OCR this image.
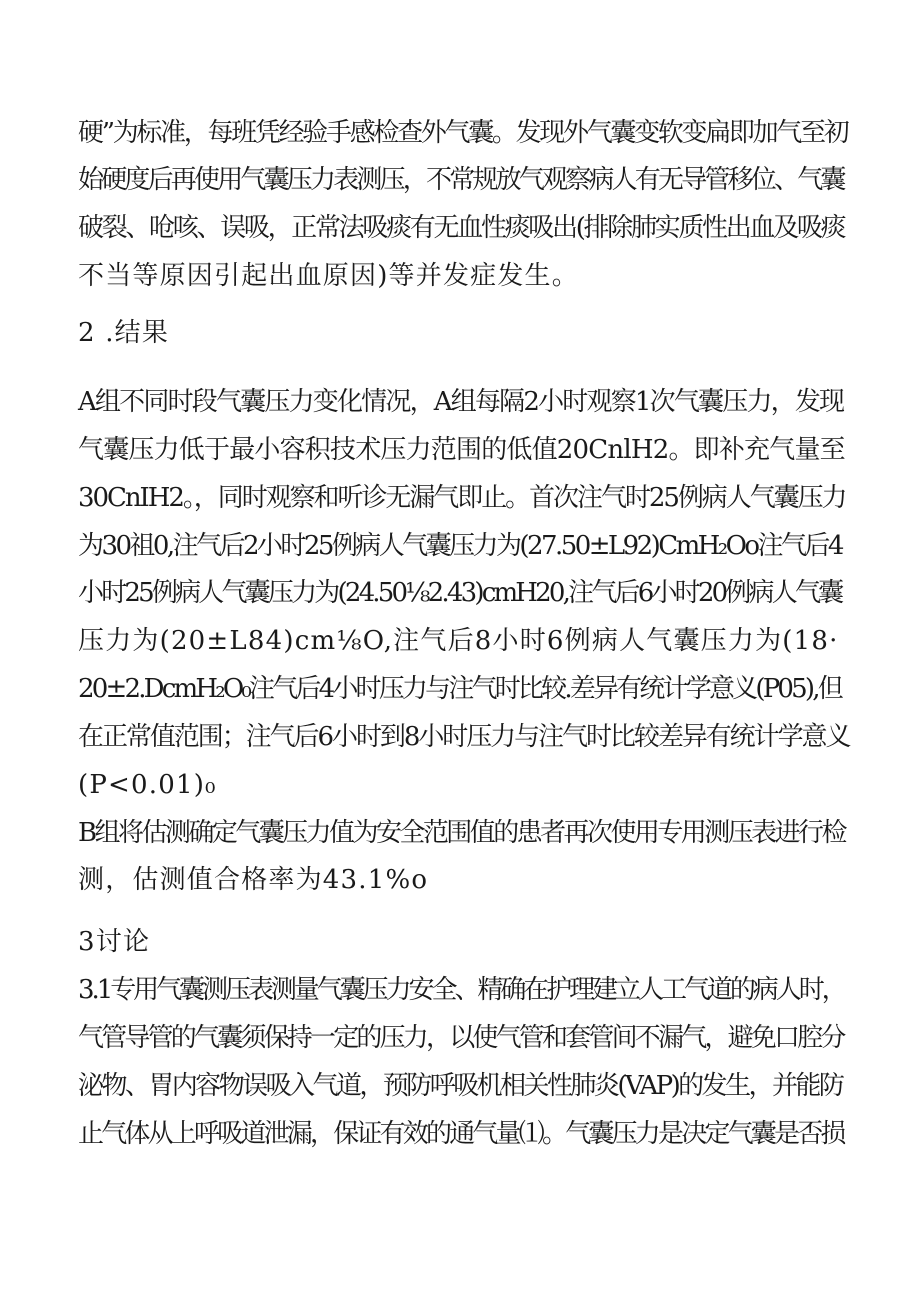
硬”为标准，每班凭经验手感检查外气囊。发现外气囊变软变扁即加气至初
始硬度后再使用气囊压力表测压，不常规放气观察病人有无导管移位、气囊
破裂、呛咳、误吸，正常法吸痰有无血性痰吸出(排除肺实质性出血及吸痰
不当等原因引起出血原因)等并发症发生。
2 .结果
A组不同时段气囊压力变化情况，A组每隔2小时观察1次气囊压力，发现
气囊压力低于最小容积技术压力范围的低值20CnlH2。即补充气量至
30CnIH2。，同时观察和听诊无漏气即止。首次注气时25例病人气囊压力
为30祖0,注气后2小时25例病人气囊压力为(27.50±L92)CmH₂Oo注气后4
小时25例病人气囊压力为(24.50⅛2.43)cmH20,注气后6小时20例病人气囊
压力为(20±L84)cm⅛O,注气后8小时6例病人气囊压力为(18·
20±2.DcmH₂O₀注气后4小时压力与注气时比较.差异有统计学意义(P05),但
在正常值范围；注气后6小时到8小时压力与注气时比较差异有统计学意义
(P<0.01)₀
B组将估测确定气囊压力值为安全范围值的患者再次使用专用测压表进行检
测，估测值合格率为43.1%o
3讨论
3.1专用气囊测压表测量气囊压力安全、精确在护理建立人工气道的病人时，
气管导管的气囊须保持一定的压力，以使气管和套管间不漏气，避免口腔分
泌物、胃内容物误吸入气道，预防呼吸机相关性肺炎(VAP)的发生，并能防
止气体从上呼吸道泄漏，保证有效的通气量⑴。气囊压力是决定气囊是否损
